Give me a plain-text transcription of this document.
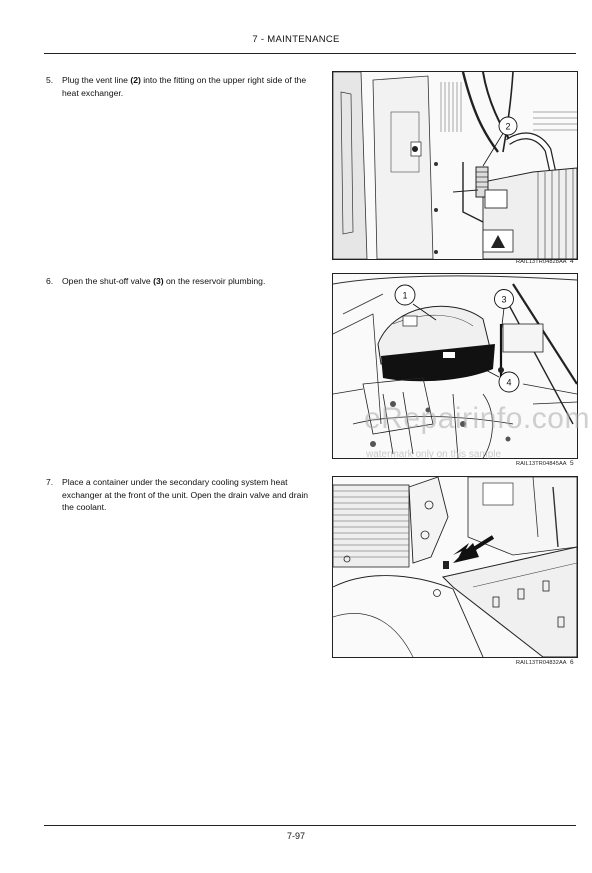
7 - MAINTENANCE
5. Plug the vent line (2) into the fitting on the upper right side of the heat exchanger.
2
RAIL13TR04828AA 4
6. Open the shut-off valve (3) on the reservoir plumbing.
1	3
4
RAIL13TR04845AA 5
7. Place a container under the secondary cooling system heat exchanger at the front of the unit. Open the drain valve and drain the coolant.
RAIL13TR04832AA 6
eRepairinfo.com
watermark only on this sample
7-97
